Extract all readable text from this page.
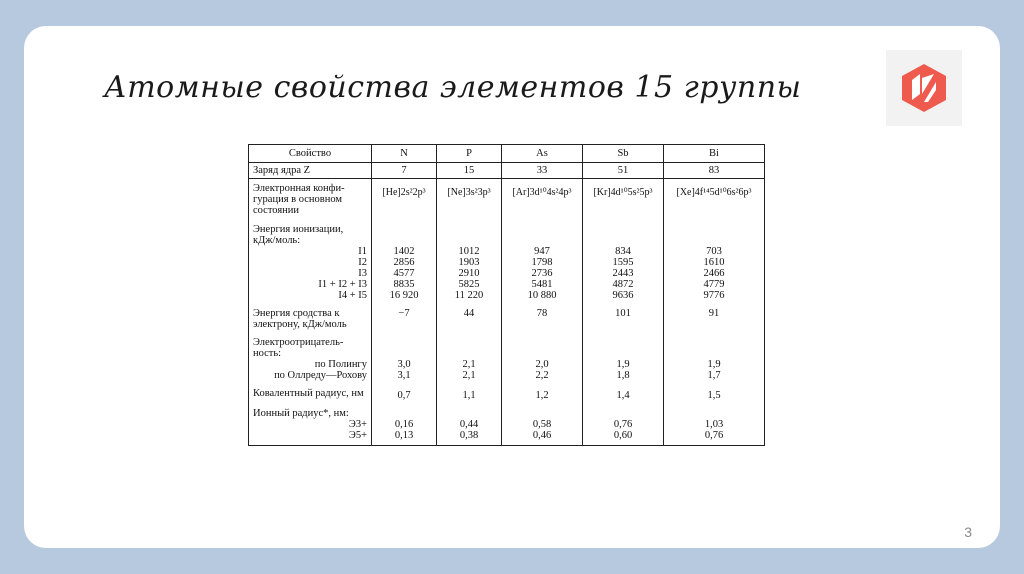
Атомные свойства элементов 15 группы
Свойство	N	P	As	Sb	Bi
Заряд ядра Z	7	15	33	51	83
Электронная конфи-гурация в основном состоянии	[He]2s²2p³	[Ne]3s²3p³	[Ar]3d¹⁰4s²4p³	[Kr]4d¹⁰5s²5p³	[Xe]4f¹⁴5d¹⁰6s²6p³
Энергия ионизации, кДж/моль:					

I1	1402	1012	947	834	703

I2	2856	1903	1798	1595	1610

I3	4577	2910	2736	2443	2466

I1 + I2 + I3	8835	5825	5481	4872	4779

I4 + I5	16 920	11 220	10 880	9636	9776
Энергия сродства к электрону, кДж/моль	−7	44	78	101	91
Электроотрицатель-ность:					

по Полингу	3,0	2,1	2,0	1,9	1,9

по Оллреду—Рохову	3,1	2,1	2,2	1,8	1,7
Ковалентный радиус, нм	0,7	1,1	1,2	1,4	1,5
Ионный радиус*, нм:					

Э3+	0,16	0,44	0,58	0,76	1,03

Э5+	0,13	0,38	0,46	0,60	0,76
3
